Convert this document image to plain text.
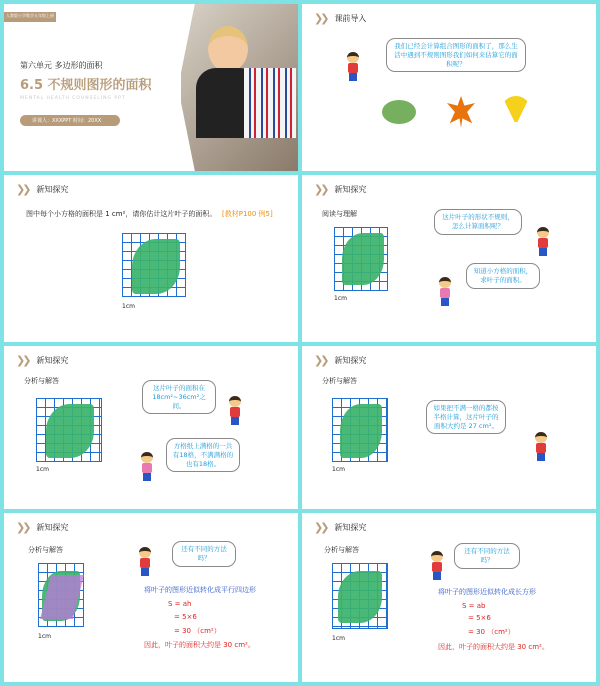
人教版小学数学五年级上册
第六单元 多边形的面积
6.5 不规则图形的面积
MENTAL HEALTH COUNSELING PPT
讲课人：XXXPPT 时间：20XX
❯❯ 课前导入
我们已经会计算组合图形的面积了，那么生活中遇到不规则图形我们如何来估算它的面积呢？
❯❯ 新知探究
图中每个小方格的面积是 1 cm²，请你估计这片叶子的面积。 [教材P100 例5]
1cm
❯❯ 新知探究
阅读与理解
1cm
这片叶子的形状不规则，怎么计算面积呢？
知道小方格的面积，求叶子的面积。
❯❯ 新知探究
分析与解答
1cm
这片叶子的面积在18cm²~36cm²之间。
方格纸上满格的一共有18格，不满满格的也有18格。
❯❯ 新知探究
分析与解答
1cm
如果把不满一格的都按半格计算，这片叶子的面积大约是 27 cm²。
❯❯ 新知探究
分析与解答
1cm
还有不同的方法吗？
将叶子的图形近似转化成平行四边形
S = ah
= 5×6
= 30 （cm²）
因此，叶子的面积大约是 30 cm²。
❯❯ 新知探究
分析与解答
1cm
还有不同的方法吗？
将叶子的图形近似转化成长方形
S = ab
= 5×6
= 30 （cm²）
因此，叶子的面积大约是 30 cm²。
